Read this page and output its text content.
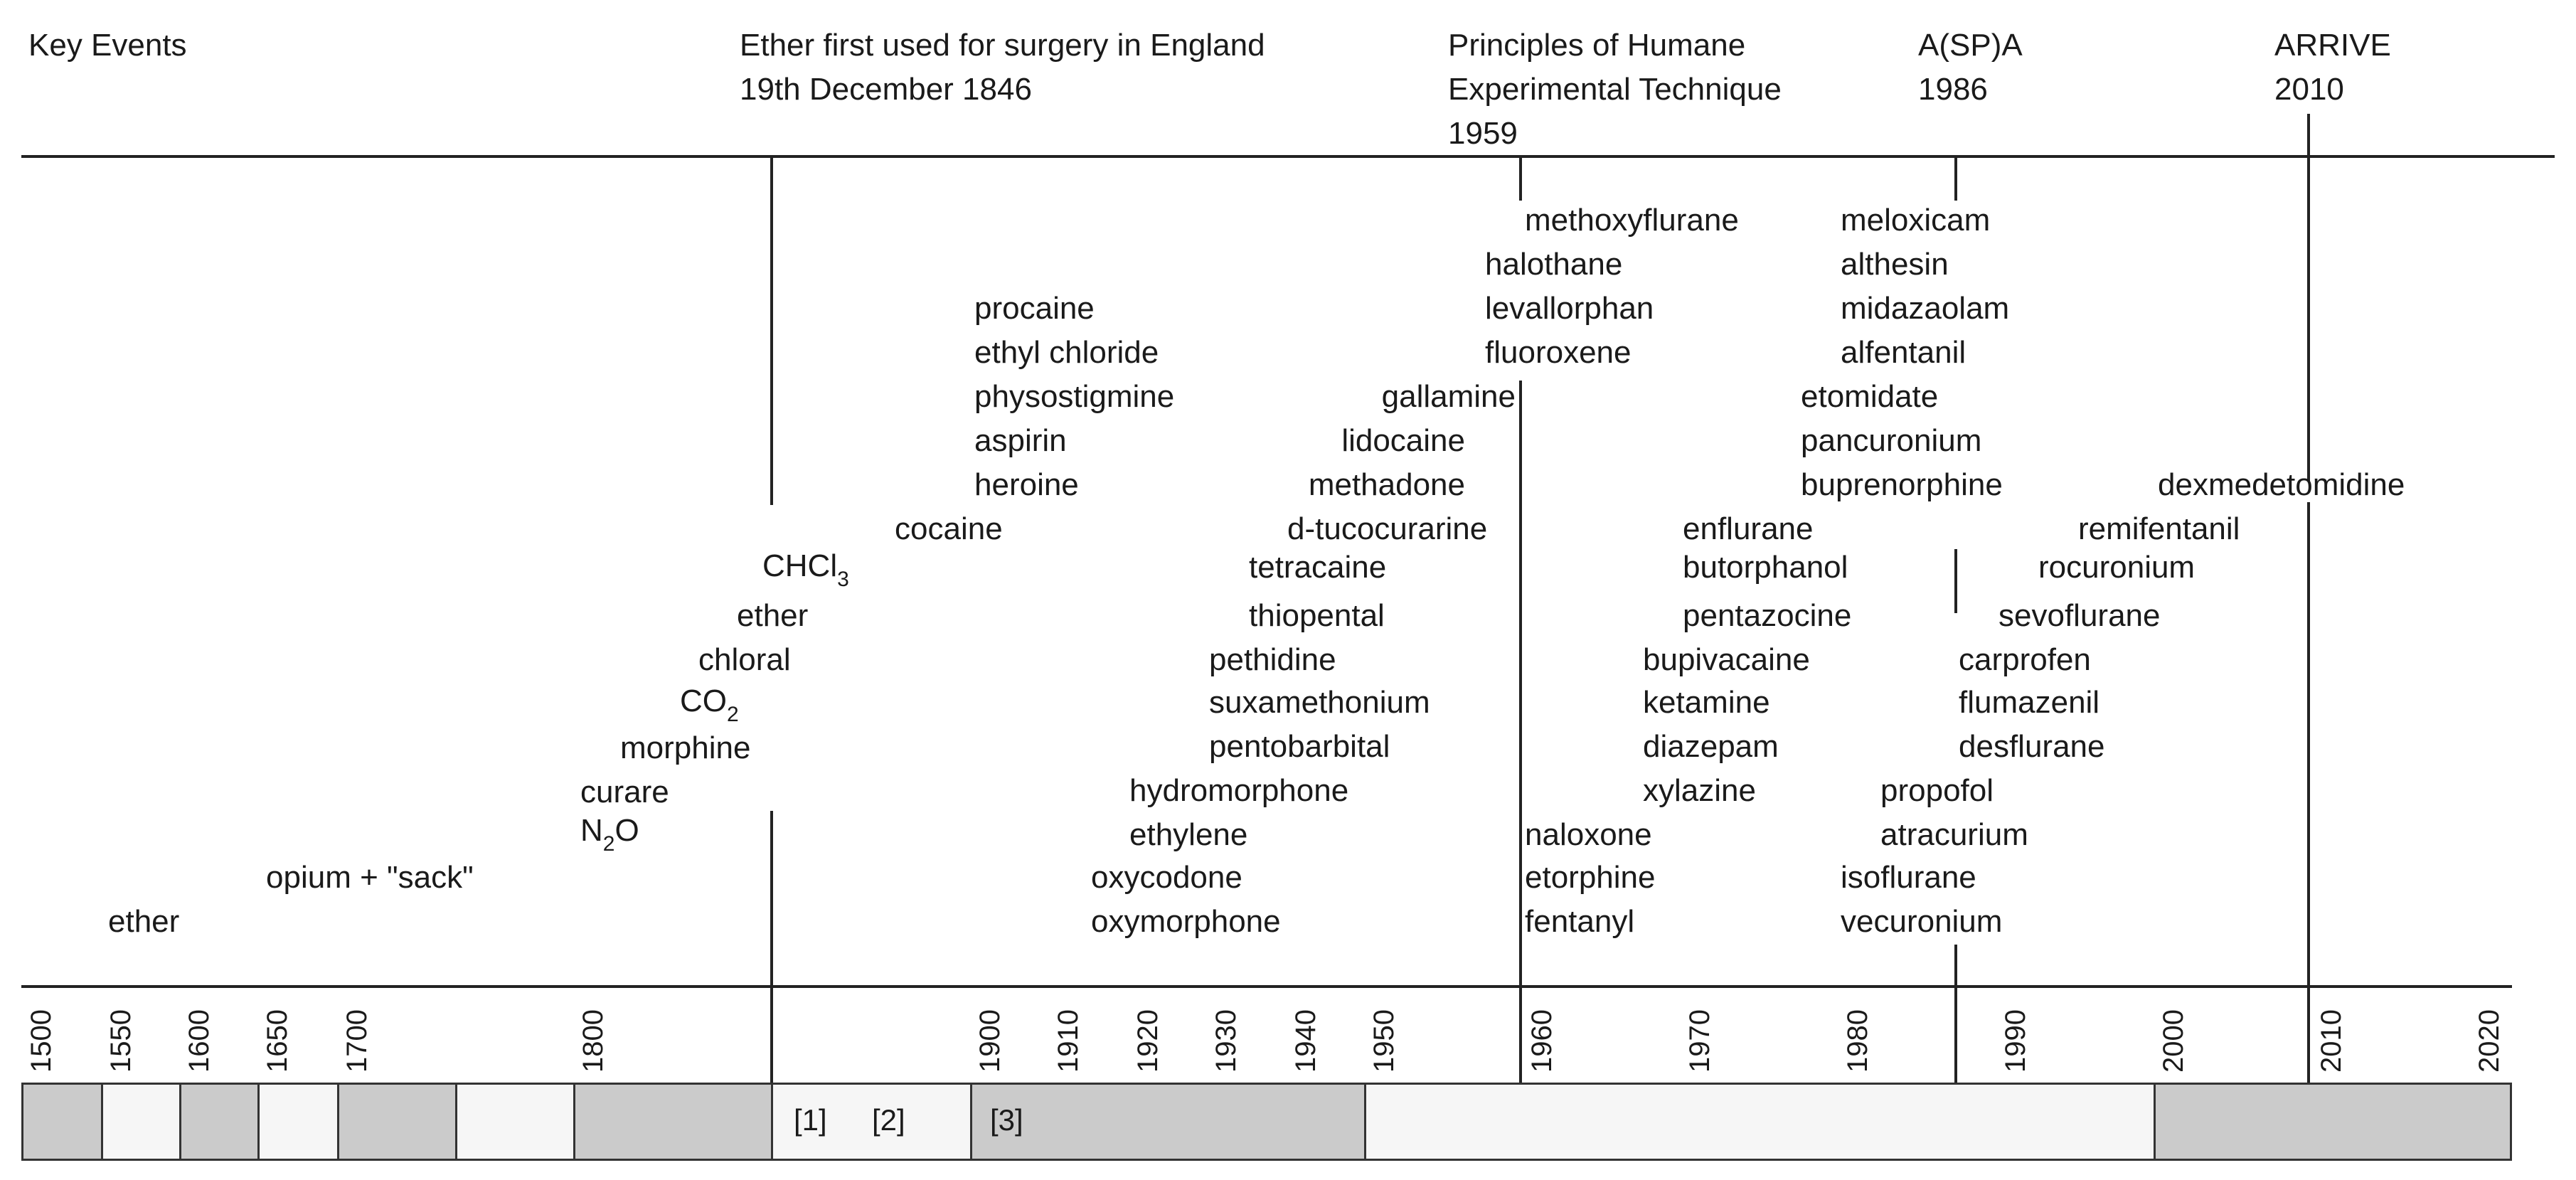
Key Events	Ether first used for surgery in England
19th December 1846
Principles of Humane
Experimental Technique
1959
A(SP)A
1986
ARRIVE
2010
ether
opium + "sack"
$N_2O$
curare
morphine
$CO_2$
chloral
ether
CHCl$_3$
procaine
ethyl chloride
physostigmine
aspirin
heroine
cocaine
gallamine
lidocaine
methadone
d-tucocurarine
tetracaine
thiopental
pethidine
suxamethonium
pentobarbital
hydromorphone
ethylene
oxycodone
oxymorphone
methoxyflurane
halothane
levallorphan
fluoroxene
naloxone
etorphine
fentanyl
enflurane
butorphanol
pentazocine
bupivacaine
ketamine
diazepam
xylazine
meloxicam
althesin
midazaolam
alfentanil
etomidate
pancuronium
buprenorphine
propofol
atracurium
isoflurane
vecuronium
carprofen
flumazenil
desflurane
dexmedetomidine
remifentanil
rocuronium
sevoflurane
1500 1550 1600 1650 1700	1800	1900 1910 1920 1930 1940 1950	1960	1970	1980	1990	2000	2010	2020
[1] [2]	[3]
